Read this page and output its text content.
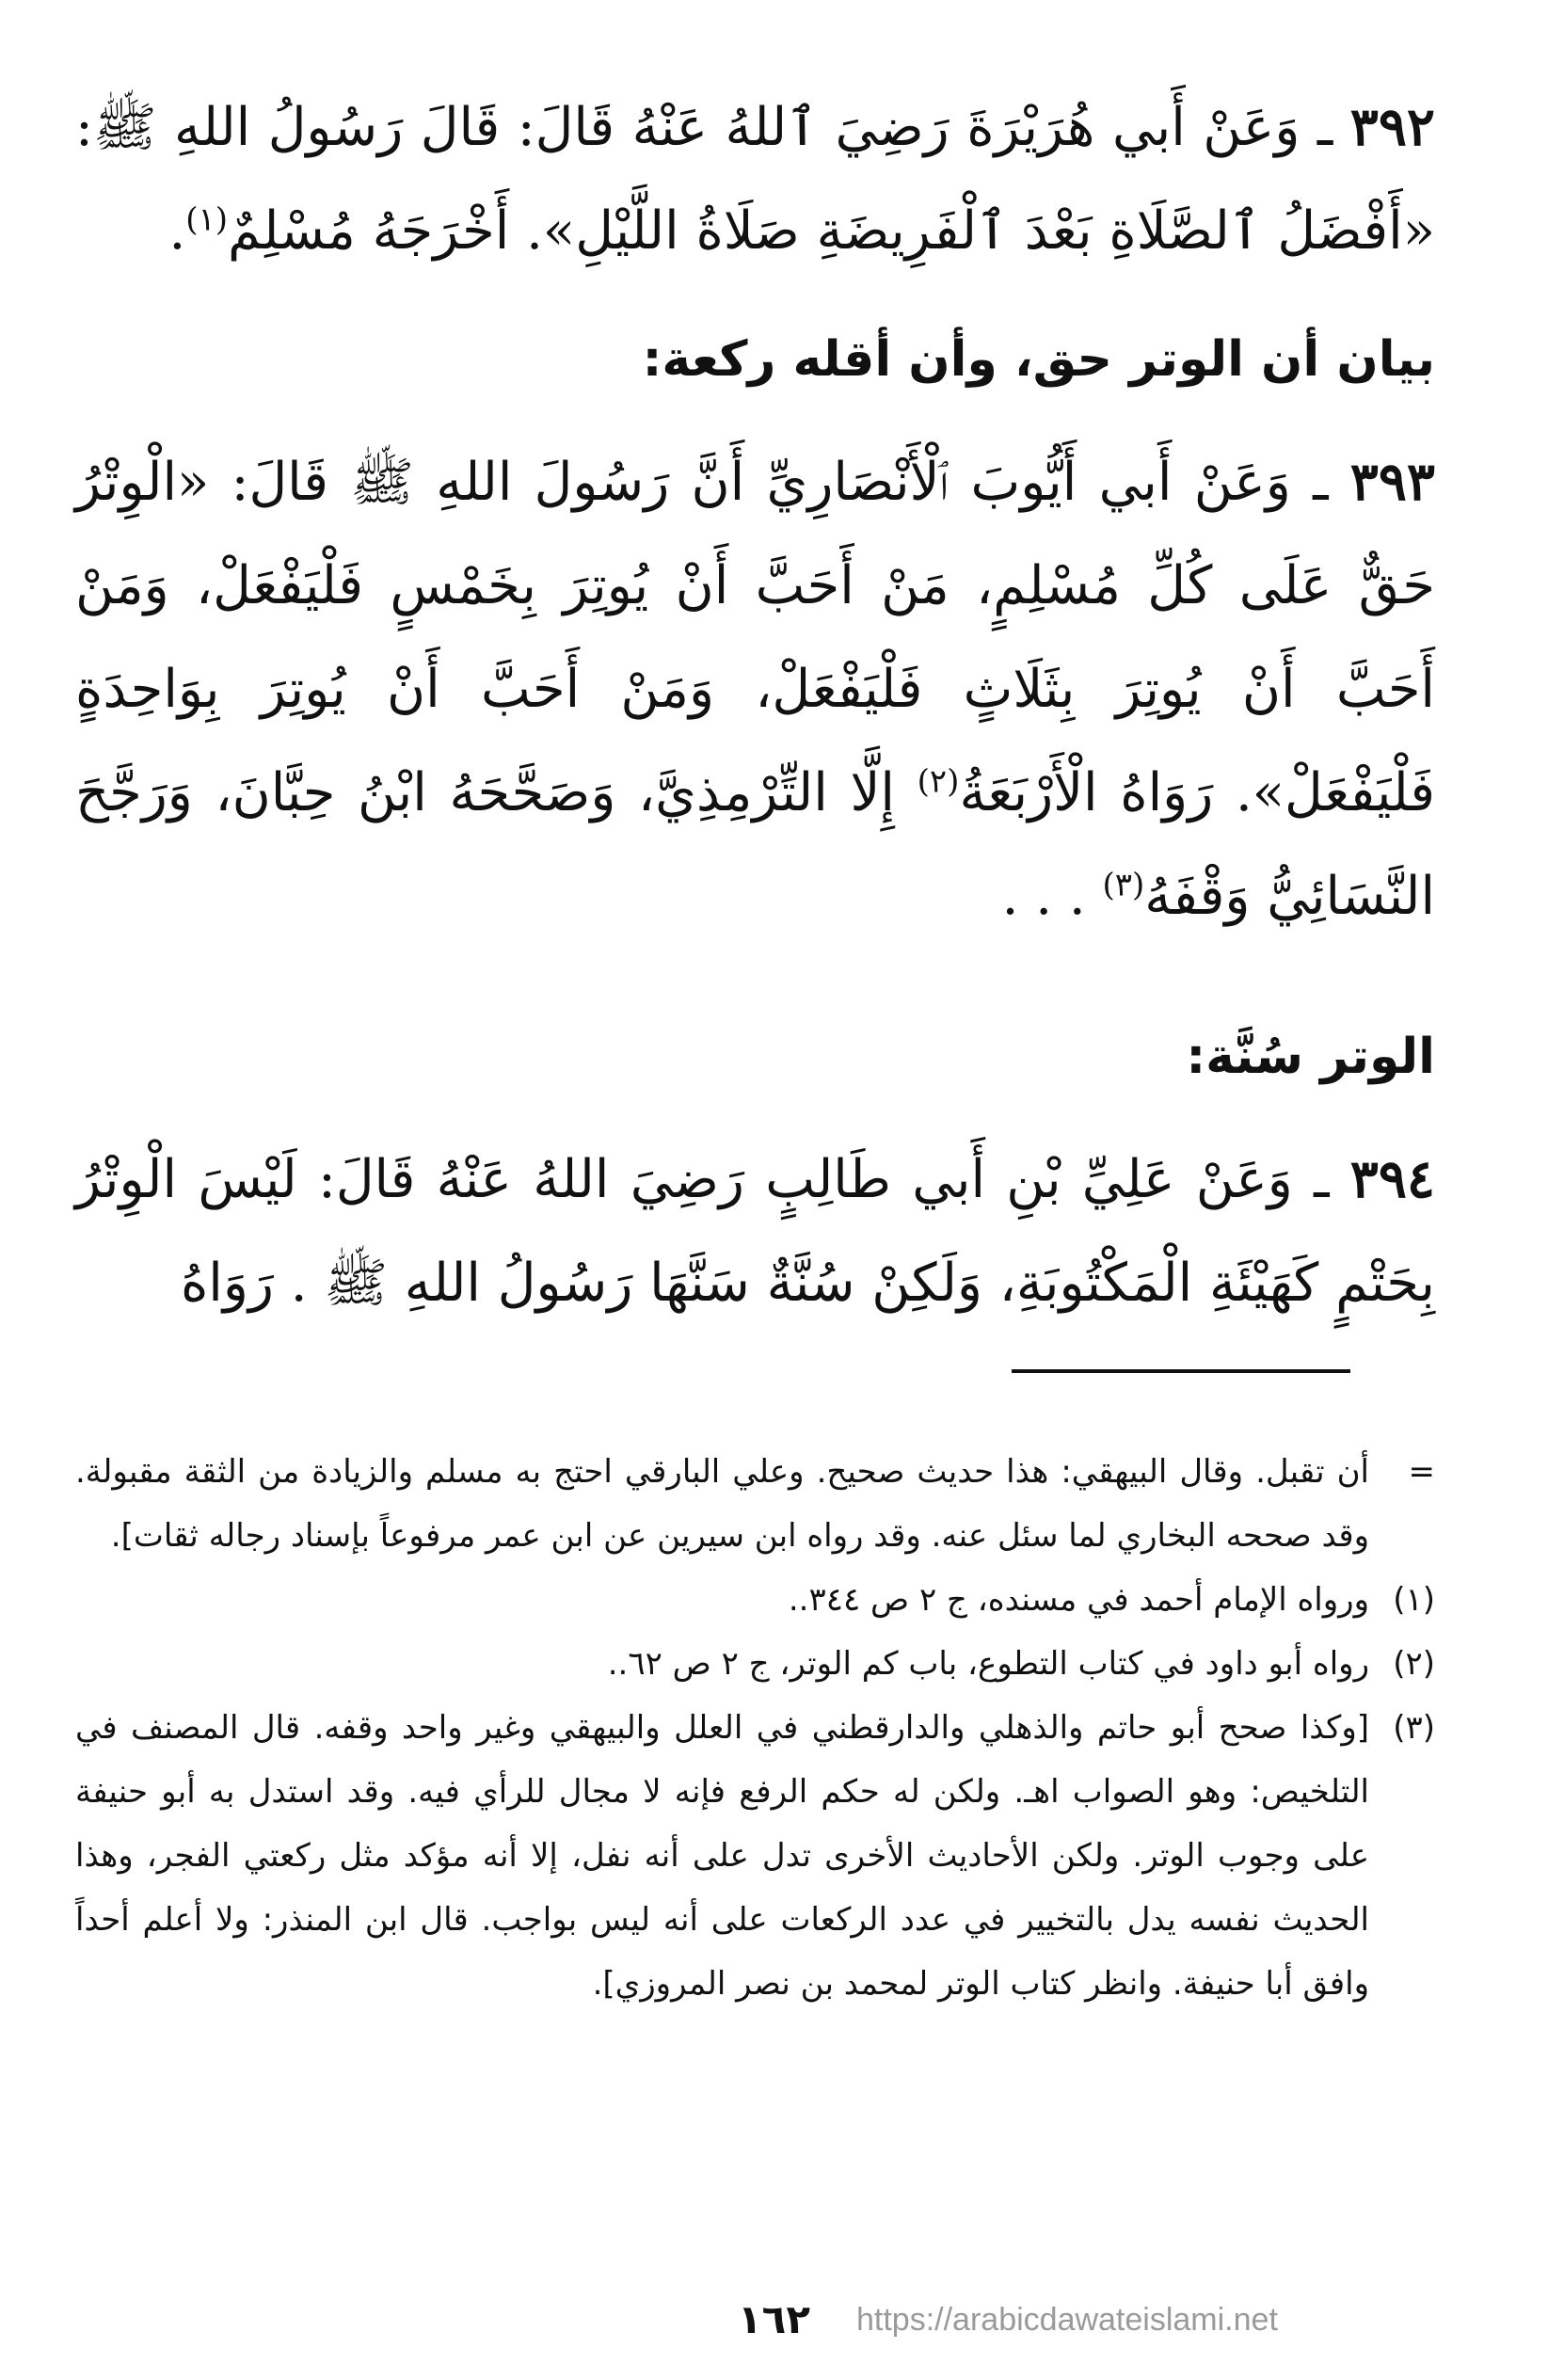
٣٩٢ ـ وَعَنْ أَبي هُرَيْرَةَ رَضِيَ ٱللهُ عَنْهُ قَالَ: قَالَ رَسُولُ اللهِ ﷺ: «أَفْضَلُ ٱلصَّلَاةِ بَعْدَ ٱلْفَرِيضَةِ صَلَاةُ اللَّيْلِ». أَخْرَجَهُ مُسْلِمٌ$^{(١)}$.

بيان أن الوتر حق، وأن أقله ركعة:

٣٩٣ ـ وَعَنْ أَبي أَيُّوبَ ٱلْأَنْصَارِيِّ أَنَّ رَسُولَ اللهِ ﷺ قَالَ: «الْوِتْرُ حَقٌّ عَلَى كُلِّ مُسْلِمٍ، مَنْ أَحَبَّ أَنْ يُوتِرَ بِخَمْسٍ فَلْيَفْعَلْ، وَمَنْ أَحَبَّ أَنْ يُوتِرَ بِثَلَاثٍ فَلْيَفْعَلْ، وَمَنْ أَحَبَّ أَنْ يُوتِرَ بِوَاحِدَةٍ فَلْيَفْعَلْ». رَوَاهُ الْأَرْبَعَةُ$^{(٢)}$ إِلَّا التِّرْمِذِيَّ، وَصَحَّحَهُ ابْنُ حِبَّانَ، وَرَجَّحَ النَّسَائِيُّ وَقْفَهُ$^{(٣)}$ . . .

الوتر سُنَّة:

٣٩٤ ـ وَعَنْ عَلِيِّ بْنِ أَبي طَالِبٍ رَضِيَ اللهُ عَنْهُ قَالَ: لَيْسَ الْوِتْرُ بِحَتْمٍ كَهَيْئَةِ الْمَكْتُوبَةِ، وَلَكِنْ سُنَّةٌ سَنَّهَا رَسُولُ اللهِ ﷺ . رَوَاهُ

=
أن تقبل. وقال البيهقي: هذا حديث صحيح. وعلي البارقي احتج به مسلم والزيادة من الثقة مقبولة. وقد صححه البخاري لما سئل عنه. وقد رواه ابن سيرين عن ابن عمر مرفوعاً بإسناد رجاله ثقات].
(١)
ورواه الإمام أحمد في مسنده، ج ٢ ص ٣٤٤..
(٢)
رواه أبو داود في كتاب التطوع، باب كم الوتر، ج ٢ ص ٦٢..
(٣)
[وكذا صحح أبو حاتم والذهلي والدارقطني في العلل والبيهقي وغير واحد وقفه. قال المصنف في التلخيص: وهو الصواب اهـ. ولكن له حكم الرفع فإنه لا مجال للرأي فيه. وقد استدل به أبو حنيفة على وجوب الوتر. ولكن الأحاديث الأخرى تدل على أنه نفل، إلا أنه مؤكد مثل ركعتي الفجر، وهذا الحديث نفسه يدل بالتخيير في عدد الركعات على أنه ليس بواجب. قال ابن المنذر: ولا أعلم أحداً وافق أبا حنيفة. وانظر كتاب الوتر لمحمد بن نصر المروزي].
١٦٢	https://arabicdawateislami.net
